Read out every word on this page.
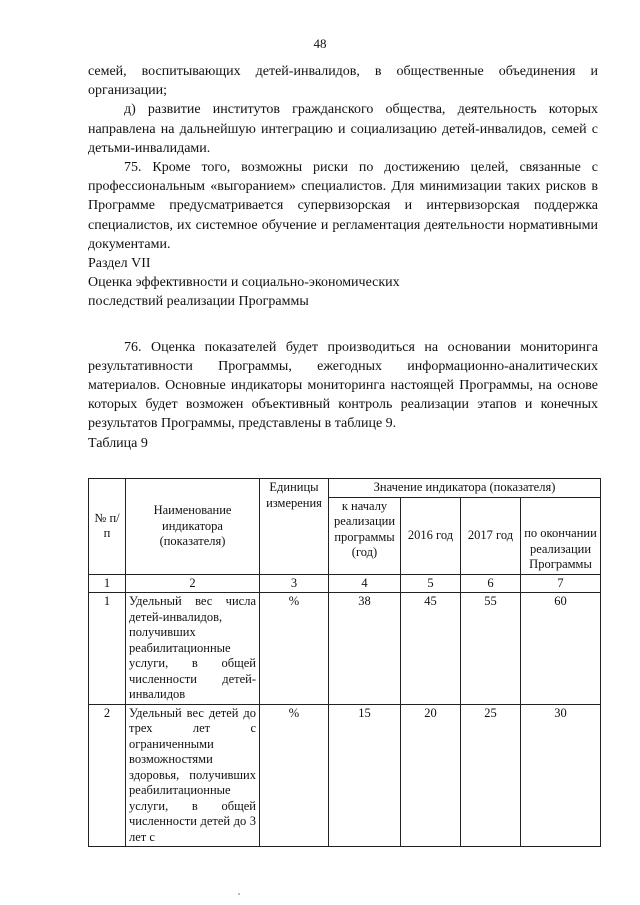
48

семей, воспитывающих детей-инвалидов, в общественные объединения и организации;

д) развитие институтов гражданского общества, деятельность которых направлена на дальнейшую интеграцию и социализацию детей-инвалидов, семей с детьми-инвалидами.

75. Кроме того, возможны риски по достижению целей, связанные с профессиональным «выгоранием» специалистов. Для минимизации таких рисков в Программе предусматривается супервизорская и интервизорская поддержка специалистов, их системное обучение и регламентация деятельности нормативными документами.

Раздел VII

Оценка эффективности и социально-экономических

последствий реализации Программы

76. Оценка показателей будет производиться на основании мониторинга результативности Программы, ежегодных информационно-аналитических материалов. Основные индикаторы мониторинга настоящей Программы, на основе которых будет возможен объективный контроль реализации этапов и конечных результатов Программы, представлены в таблице 9.

Таблица 9

№ п/п	Наименование индикатора (показателя)	Единицы измерения	Значение индикатора (показателя)			
			к началу реализации программы (год)	2016 год	2017 год	по окончании реализации Программы
1	2	3	4	5	6	7
1	Удельный вес числа детей-инвалидов, получивших реабилитационные услуги, в общей численности детей-инвалидов	%	38	45	55	60
2	Удельный вес детей до трех лет с ограниченными возможностями здоровья, получивших реабилитационные услуги, в общей численности детей до 3 лет с	%	15	20	25	30
